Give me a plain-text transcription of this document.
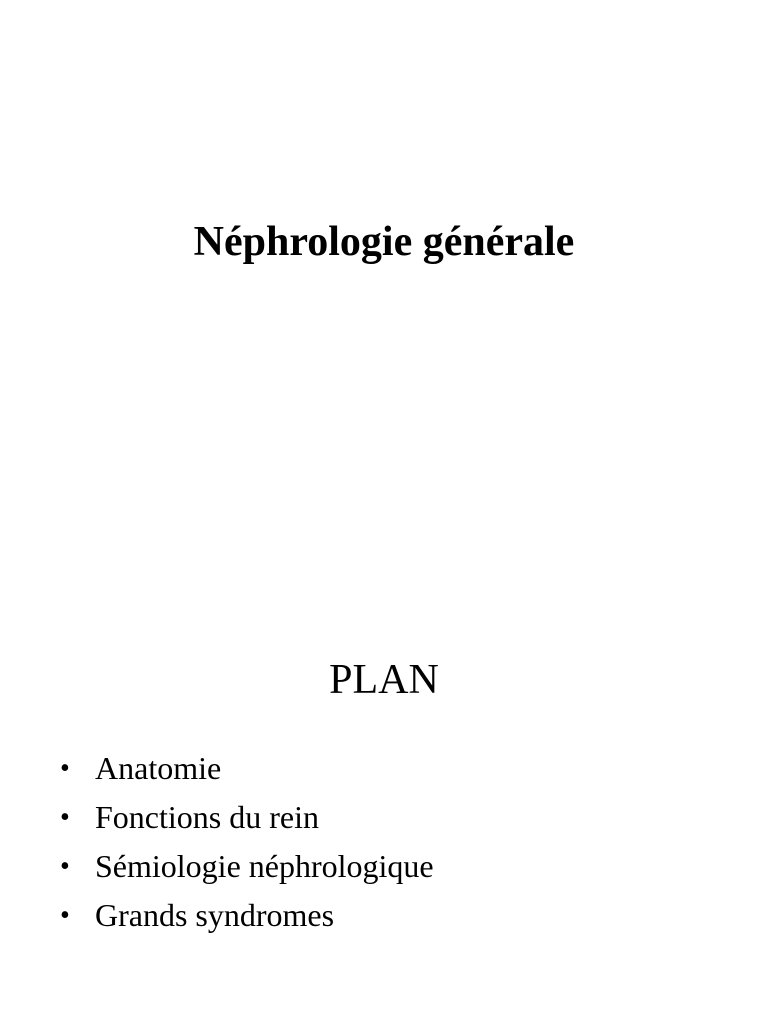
Néphrologie générale
PLAN
• Anatomie
• Fonctions du rein
• Sémiologie néphrologique
• Grands syndromes
